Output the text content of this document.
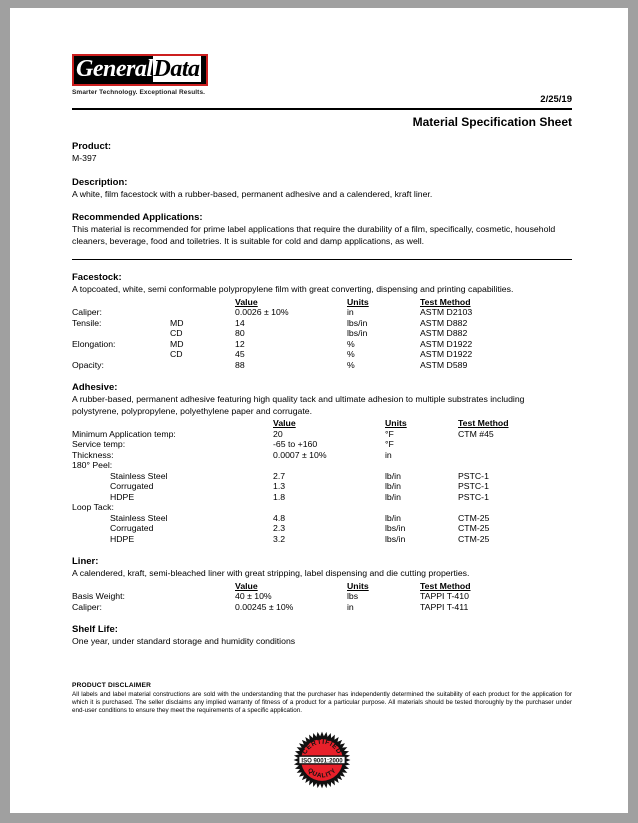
GeneralData
Smarter Technology. Exceptional Results.
2/25/19
Material Specification Sheet
Product:
M-397
Description:
A white, film facestock with a rubber-based, permanent adhesive and a calendered, kraft liner.
Recommended Applications:
This material is recommended for prime label applications that require the durability of a film, specifically, cosmetic, household cleaners, beverage, food and toiletries. It is suitable for cold and damp applications, as well.
Facestock:
A topcoated, white, semi conformable polypropylene film with great converting, dispensing and printing capabilities.
		Value	Units	Test Method
Caliper:		0.0026 ± 10%	in	ASTM D2103
Tensile:	MD	14	lbs/in	ASTM D882
	CD	80	lbs/in	ASTM D882
Elongation:	MD	12	%	ASTM D1922
	CD	45	%	ASTM D1922
Opacity:		88	%	ASTM D589
Adhesive:
A rubber-based, permanent adhesive featuring high quality tack and ultimate adhesion to multiple substrates including polystyrene, polypropylene, polyethylene paper and corrugate.
		Value	Units	Test Method
Minimum Application temp:		20	°F	CTM #45
Service temp:		-65 to +160	°F	
Thickness:		0.0007 ± 10%	in	
180° Peel:				
Stainless Steel		2.7	lb/in	PSTC-1
Corrugated		1.3	lb/in	PSTC-1
HDPE		1.8	lb/in	PSTC-1
Loop Tack:				
Stainless Steel		4.8	lb/in	CTM-25
Corrugated		2.3	lbs/in	CTM-25
HDPE		3.2	lbs/in	CTM-25
Liner:
A calendered, kraft, semi-bleached liner with great stripping, label dispensing and die cutting properties.
		Value	Units	Test Method
Basis Weight:		40 ± 10%	lbs	TAPPI T-410
Caliper:		0.00245 ± 10%	in	TAPPI T-411
Shelf Life:
One year, under standard storage and humidity conditions
PRODUCT DISCLAIMER
All labels and label material constructions are sold with the understanding that the purchaser has independently determined the suitability of each product for the application for which it is purchased. The seller disclaims any implied warranty of fitness of a product for a particular purpose. All materials should be tested thoroughly by the purchaser under end-user conditions to ensure they meet the requirements of a specific application.
CERTIFIED
QUALITY
ISO 9001:2000
